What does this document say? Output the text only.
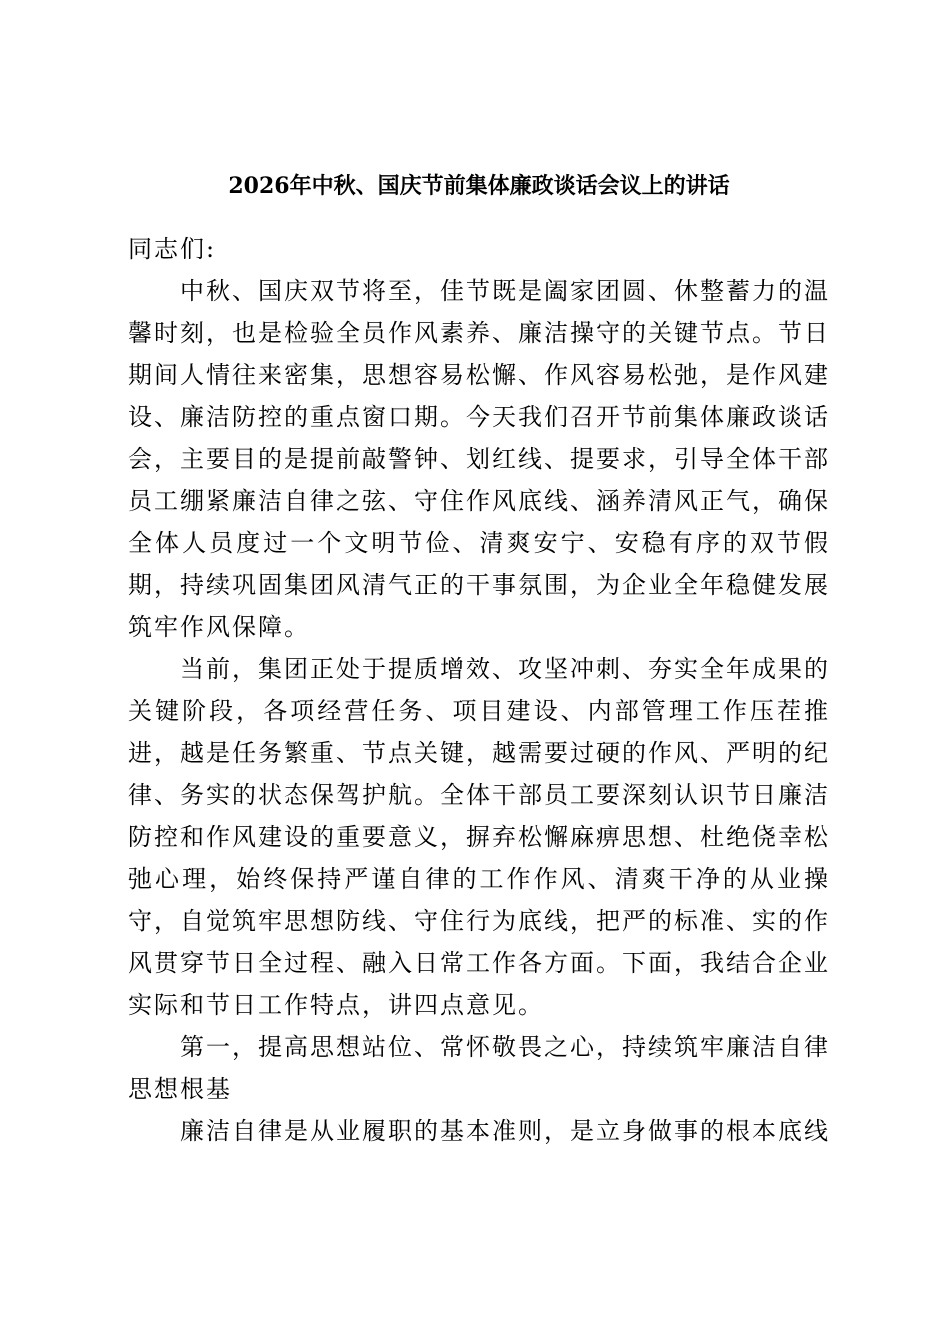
2026年中秋、国庆节前集体廉政谈话会议上的讲话

同志们:

中秋、国庆双节将至，佳节既是阖家团圆、休整蓄力的温馨时刻，也是检验全员作风素养、廉洁操守的关键节点。节日期间人情往来密集，思想容易松懈、作风容易松弛，是作风建设、廉洁防控的重点窗口期。今天我们召开节前集体廉政谈话会，主要目的是提前敲警钟、划红线、提要求，引导全体干部员工绷紧廉洁自律之弦、守住作风底线、涵养清风正气，确保全体人员度过一个文明节俭、清爽安宁、安稳有序的双节假期，持续巩固集团风清气正的干事氛围，为企业全年稳健发展筑牢作风保障。

当前，集团正处于提质增效、攻坚冲刺、夯实全年成果的关键阶段，各项经营任务、项目建设、内部管理工作压茬推进，越是任务繁重、节点关键，越需要过硬的作风、严明的纪律、务实的状态保驾护航。全体干部员工要深刻认识节日廉洁防控和作风建设的重要意义，摒弃松懈麻痹思想、杜绝侥幸松弛心理，始终保持严谨自律的工作作风、清爽干净的从业操守，自觉筑牢思想防线、守住行为底线，把严的标准、实的作风贯穿节日全过程、融入日常工作各方面。下面，我结合企业实际和节日工作特点，讲四点意见。

第一，提高思想站位、常怀敬畏之心，持续筑牢廉洁自律思想根基

廉洁自律是从业履职的基本准则，是立身做事的根本底线
